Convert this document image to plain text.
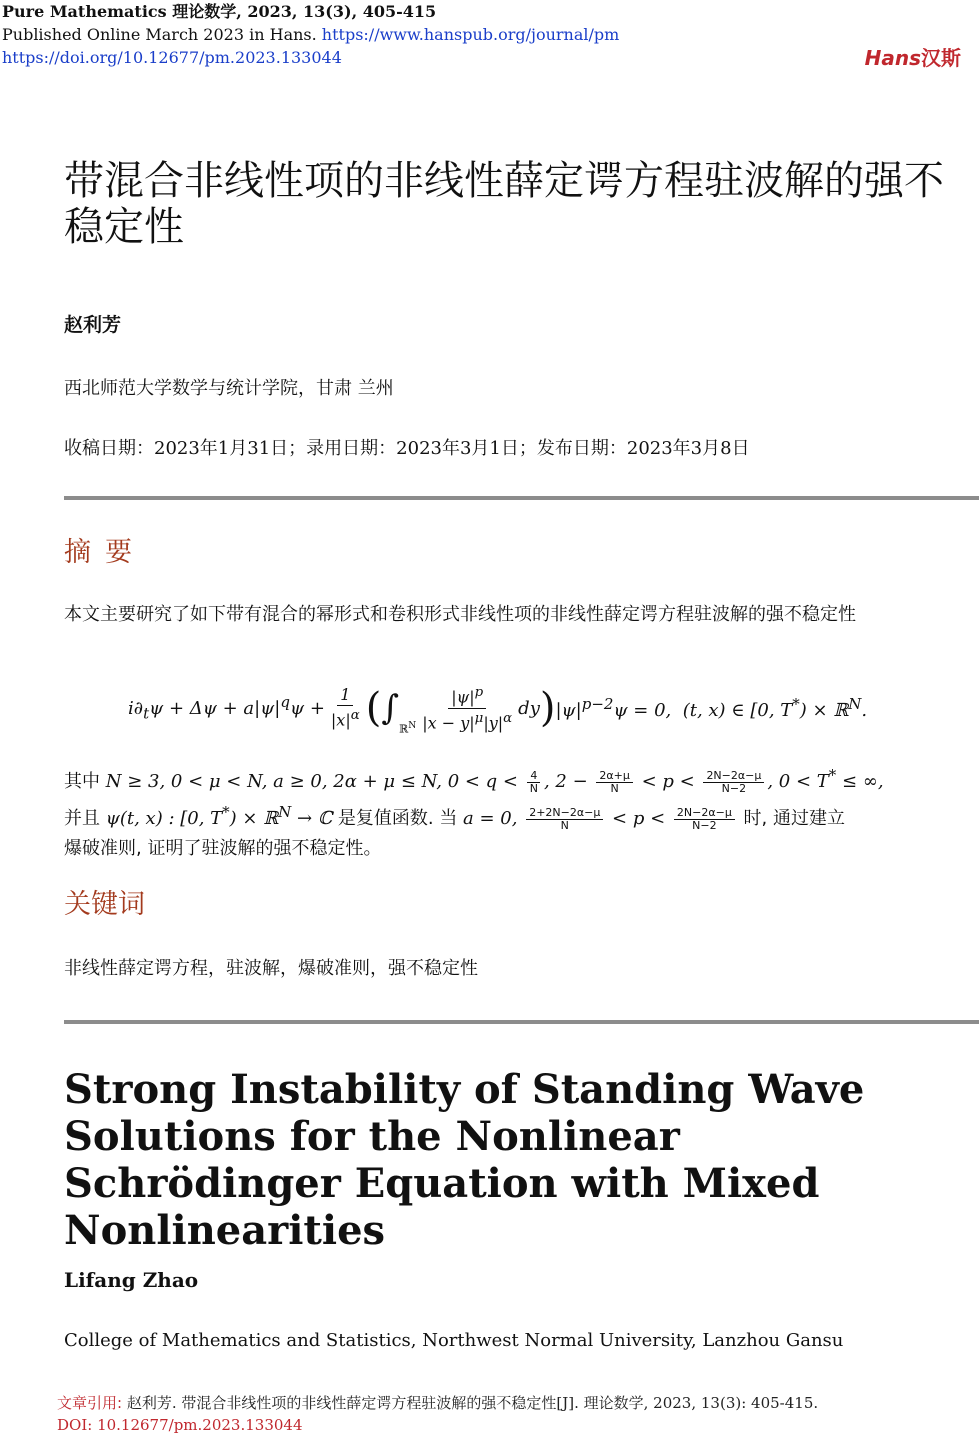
Pure Mathematics 理论数学, 2023, 13(3), 405-415
Published Online March 2023 in Hans. https://www.hanspub.org/journal/pm
https://doi.org/10.12677/pm.2023.133044	Hans汉斯
带混合非线性项的非线性薛定谔方程驻波解的强不稳定性
赵利芳
西北师范大学数学与统计学院，甘肃 兰州
收稿日期：2023年1月31日；录用日期：2023年3月1日；发布日期：2023年3月8日
摘要
本文主要研究了如下带有混合的幂形式和卷积形式非线性项的非线性薛定谔方程驻波解的强不稳定性
$i\partial_t\psi + \Delta\psi + a|\psi|^q\psi + \frac{1}{|x|^\alpha}$ ( ∫
ℝ$^N$ $\frac{|\psi|^p}{|x - y|^\mu|y|^\alpha}$ dy ) $|\psi|^{p-2}\psi = 0$,  (t, x) ∈ [0, T*) × ℝ$^N$.
其中 N ≥ 3, 0 < μ < N, a ≥ 0, 2α + μ ≤ N, $0 < q < \frac{4}{N}$ , $2 - \frac{2\alpha+\mu}{N} < p < \frac{2N-2\alpha-\mu}{N-2}$ , 0 < T* ≤ ∞,
并且 ψ(t, x) : [0, T*) × ℝ$^N$ → ℂ 是复值函数. 当 a = 0, $\frac{2+2N-2\alpha-\mu}{N} < p < \frac{2N-2\alpha-\mu}{N-2}$ 时, 通过建立
爆破准则, 证明了驻波解的强不稳定性。
关键词
非线性薛定谔方程，驻波解，爆破准则，强不稳定性
Strong Instability of Standing Wave Solutions for the Nonlinear Schrödinger Equation with Mixed Nonlinearities
Lifang Zhao
College of Mathematics and Statistics, Northwest Normal University, Lanzhou Gansu
文章引用: 赵利芳. 带混合非线性项的非线性薛定谔方程驻波解的强不稳定性[J]. 理论数学, 2023, 13(3): 405-415.
DOI: 10.12677/pm.2023.133044
